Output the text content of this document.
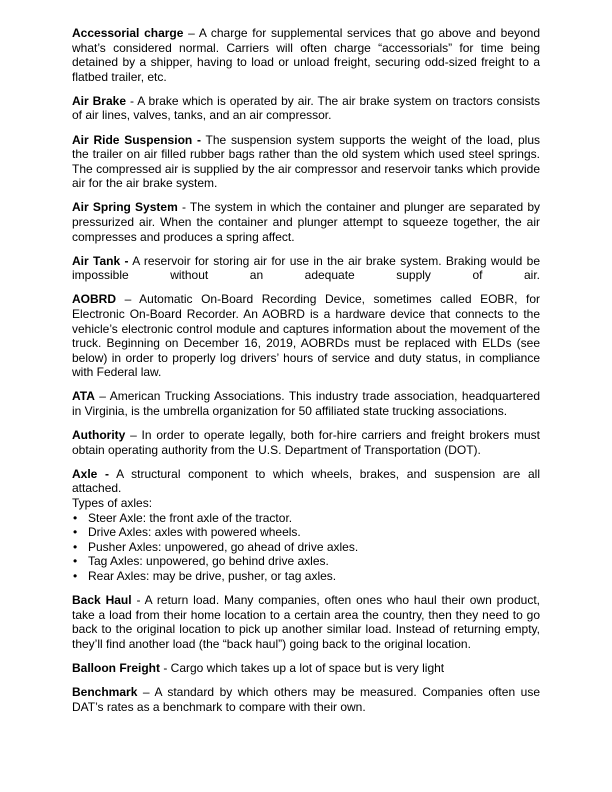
Accessorial charge – A charge for supplemental services that go above and beyond what’s considered normal. Carriers will often charge “accessorials” for time being detained by a shipper, having to load or unload freight, securing odd-sized freight to a flatbed trailer, etc.

Air Brake - A brake which is operated by air. The air brake system on tractors consists of air lines, valves, tanks, and an air compressor.

Air Ride Suspension - The suspension system supports the weight of the load, plus the trailer on air filled rubber bags rather than the old system which used steel springs. The compressed air is supplied by the air compressor and reservoir tanks which provide air for the air brake system.

Air Spring System - The system in which the container and plunger are separated by pressurized air. When the container and plunger attempt to squeeze together, the air compresses and produces a spring affect.

Air Tank - A reservoir for storing air for use in the air brake system. Braking would be impossible without an adequate supply of air.

AOBRD – Automatic On-Board Recording Device, sometimes called EOBR, for Electronic On-Board Recorder. An AOBRD is a hardware device that connects to the vehicle’s electronic control module and captures information about the movement of the truck. Beginning on December 16, 2019, AOBRDs must be replaced with ELDs (see below) in order to properly log drivers’ hours of service and duty status, in compliance with Federal law.

ATA – American Trucking Associations. This industry trade association, headquartered in Virginia, is the umbrella organization for 50 affiliated state trucking associations.

Authority – In order to operate legally, both for-hire carriers and freight brokers must obtain operating authority from the U.S. Department of Transportation (DOT).

Axle - A structural component to which wheels, brakes, and suspension are all attached.

Types of axles:

• Steer Axle: the front axle of the tractor.
• Drive Axles: axles with powered wheels.
• Pusher Axles: unpowered, go ahead of drive axles.
• Tag Axles: unpowered, go behind drive axles.
• Rear Axles: may be drive, pusher, or tag axles.

Back Haul - A return load. Many companies, often ones who haul their own product, take a load from their home location to a certain area the country, then they need to go back to the original location to pick up another similar load. Instead of returning empty, they’ll find another load (the “back haul”) going back to the original location.

Balloon Freight - Cargo which takes up a lot of space but is very light

Benchmark – A standard by which others may be measured. Companies often use DAT’s rates as a benchmark to compare with their own.
